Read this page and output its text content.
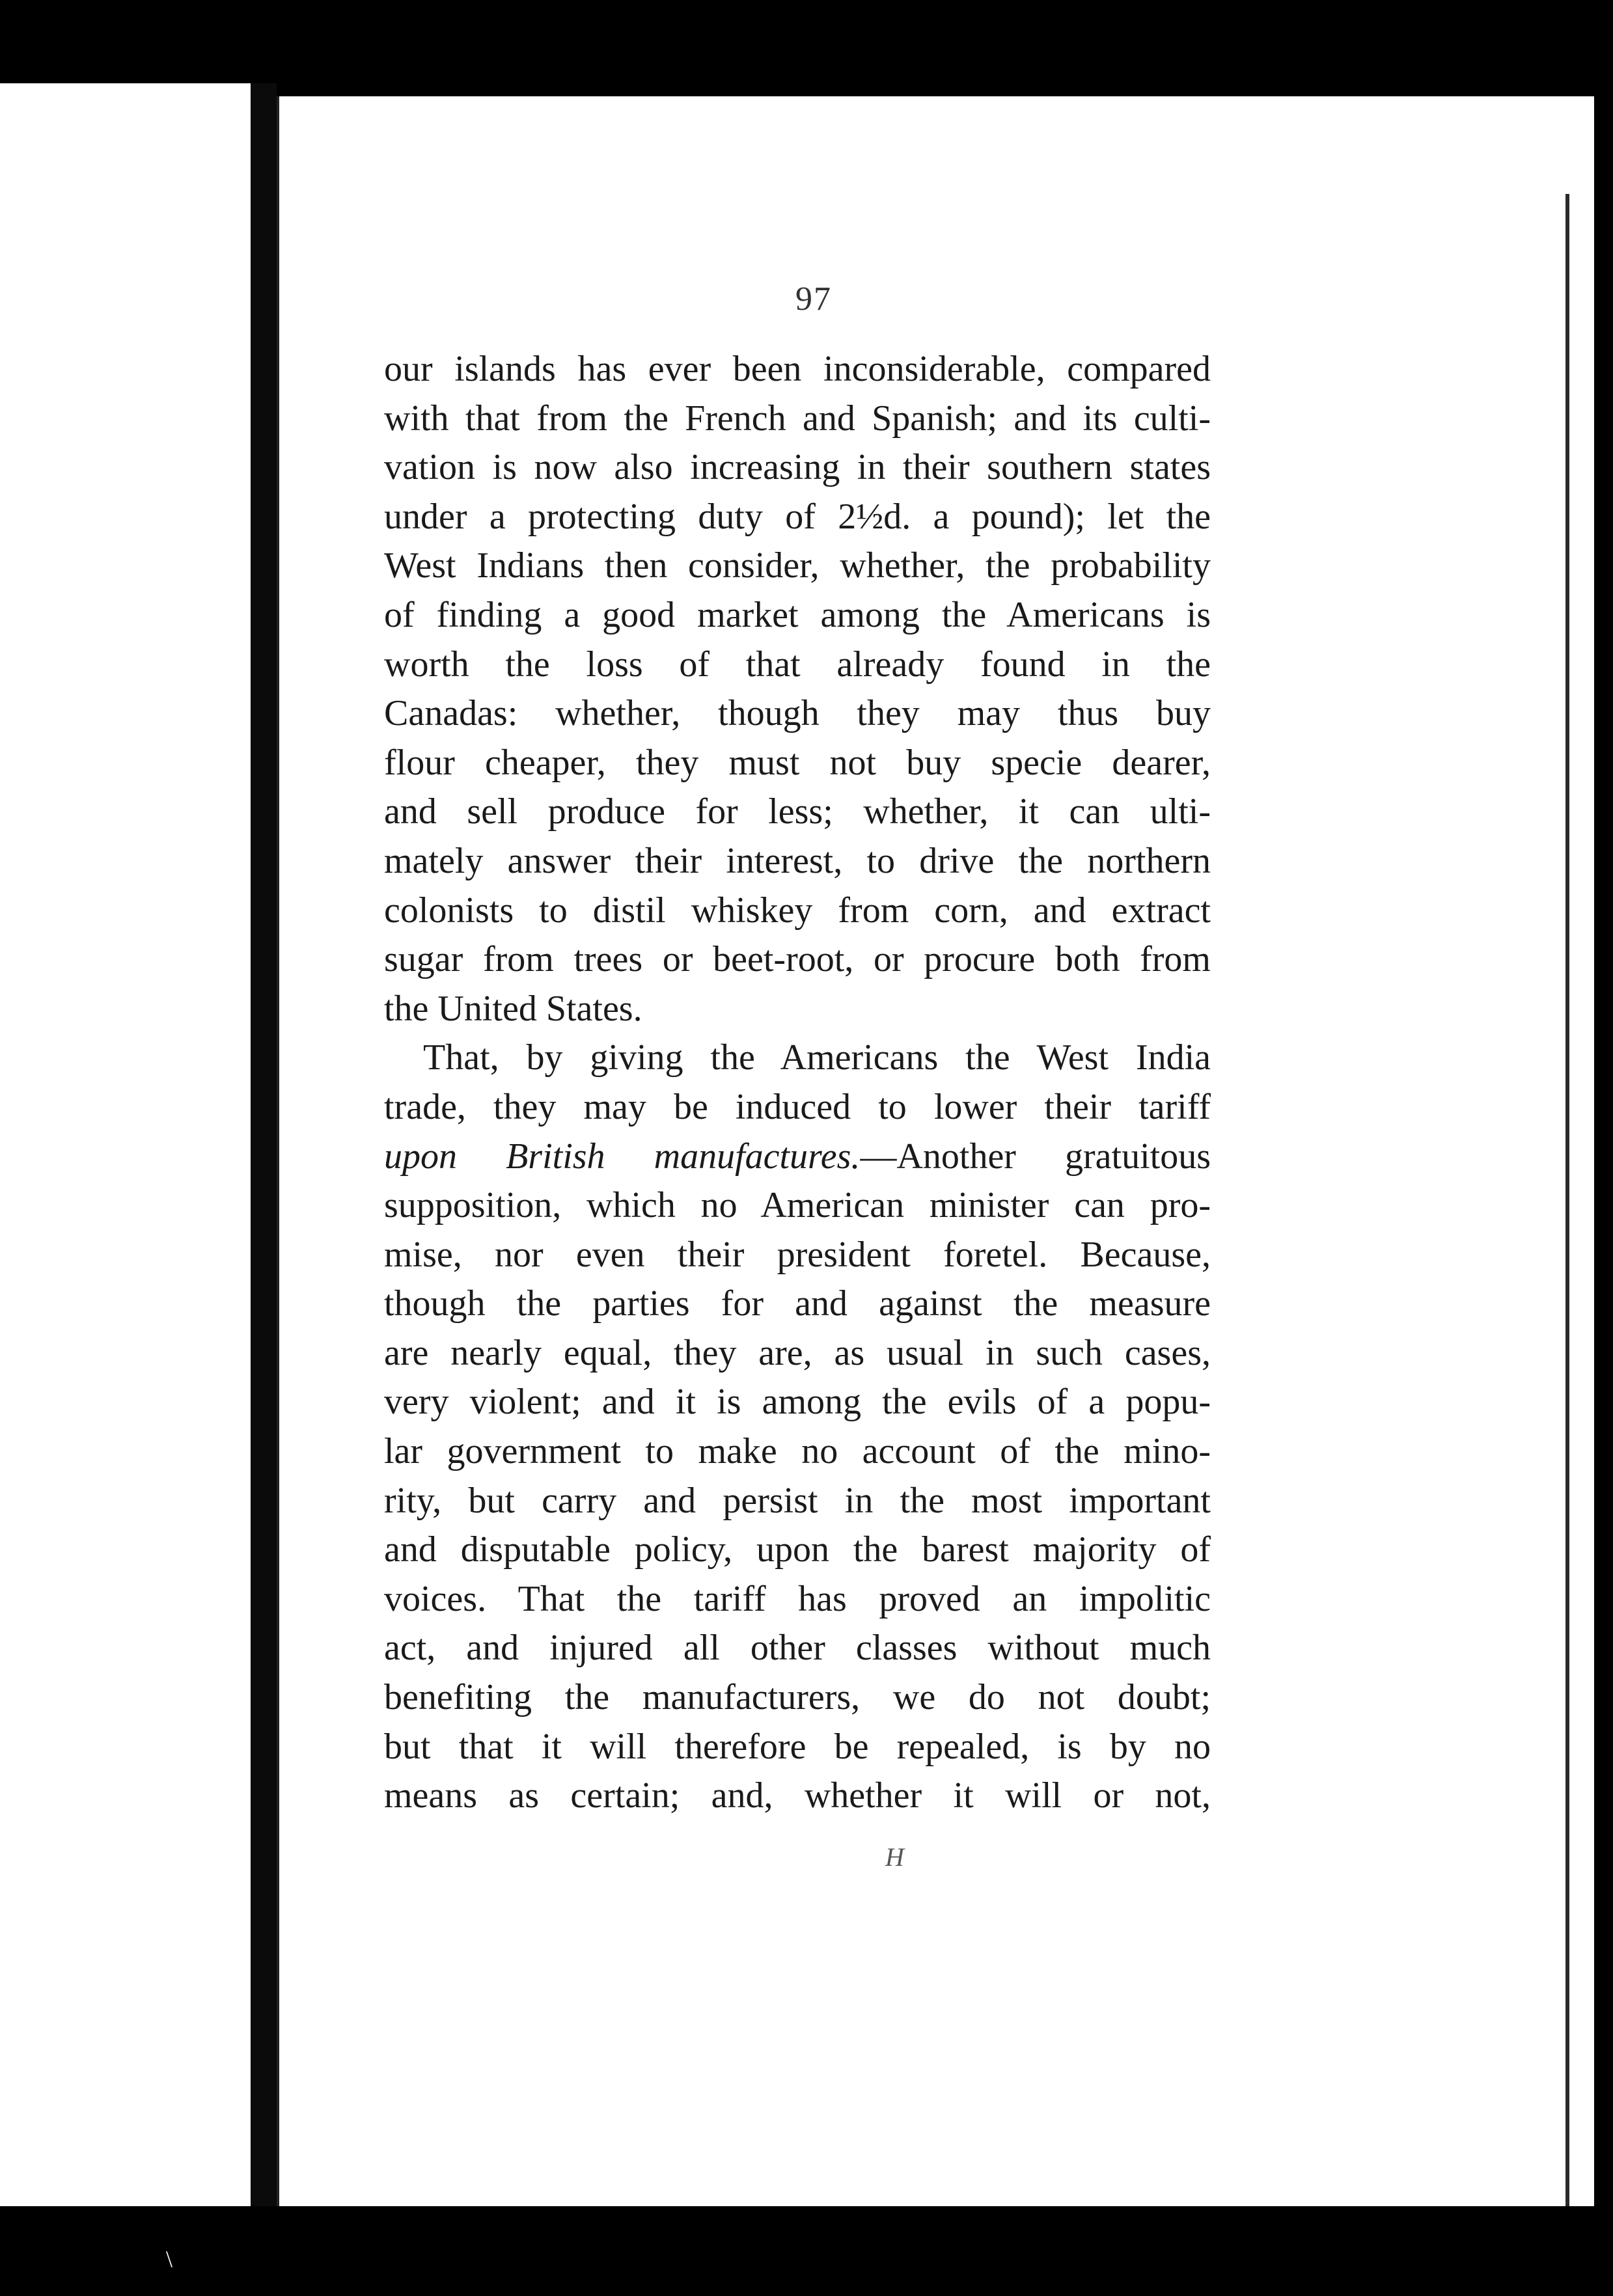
97
our islands has ever been inconsiderable, compared
with that from the French and Spanish; and its culti-
vation is now also increasing in their southern states
under a protecting duty of 2½d. a pound); let the
West Indians then consider, whether, the probability
of finding a good market among the Americans is
worth the loss of that already found in the
Canadas: whether, though they may thus buy
flour cheaper, they must not buy specie dearer,
and sell produce for less; whether, it can ulti-
mately answer their interest, to drive the northern
colonists to distil whiskey from corn, and extract
sugar from trees or beet-root, or procure both from
the United States.
That, by giving the Americans the West India
trade, they may be induced to lower their tariff
upon British manufactures.—Another gratuitous
supposition, which no American minister can pro-
mise, nor even their president foretel. Because,
though the parties for and against the measure
are nearly equal, they are, as usual in such cases,
very violent; and it is among the evils of a popu-
lar government to make no account of the mino-
rity, but carry and persist in the most important
and disputable policy, upon the barest majority of
voices. That the tariff has proved an impolitic
act, and injured all other classes without much
benefiting the manufacturers, we do not doubt;
but that it will therefore be repealed, is by no
means as certain; and, whether it will or not,
H
\
